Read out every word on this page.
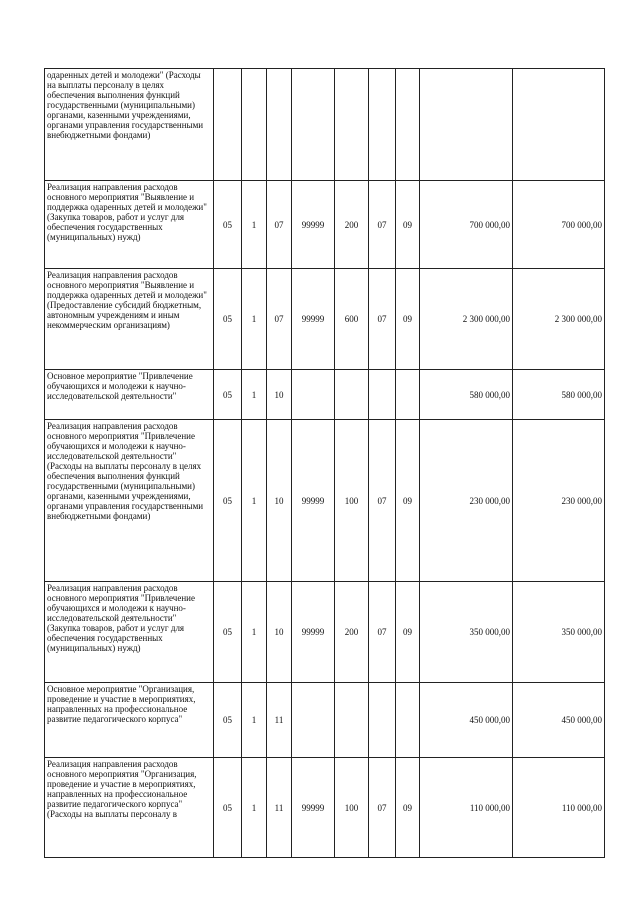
одаренных детей и молодежи" (Расходы на выплаты персоналу в целях обеспечения выполнения функций государственными (муниципальными) органами, казенными учреждениями, органами управления государственными внебюджетными фондами)									
Реализация направления расходов основного мероприятия "Выявление и поддержка одаренных детей и молодежи" (Закупка товаров, работ и услуг для обеспечения государственных (муниципальных) нужд)	05	1	07	99999	200	07	09	700 000,00	700 000,00
Реализация направления расходов основного мероприятия "Выявление и поддержка одаренных детей и молодежи" (Предоставление субсидий бюджетным, автономным учреждениям и иным некоммерческим организациям)	05	1	07	99999	600	07	09	2 300 000,00	2 300 000,00
Основное мероприятие "Привлечение обучающихся и молодежи к научно-исследовательской деятельности"	05	1	10					580 000,00	580 000,00
Реализация направления расходов основного мероприятия "Привлечение обучающихся и молодежи к научно-исследовательской деятельности" (Расходы на выплаты персоналу в целях обеспечения выполнения функций государственными (муниципальными) органами, казенными учреждениями, органами управления государственными внебюджетными фондами)	05	1	10	99999	100	07	09	230 000,00	230 000,00
Реализация направления расходов основного мероприятия "Привлечение обучающихся и молодежи к научно-исследовательской деятельности" (Закупка товаров, работ и услуг для обеспечения государственных (муниципальных) нужд)	05	1	10	99999	200	07	09	350 000,00	350 000,00
Основное мероприятие "Организация, проведение и участие в мероприятиях, направленных на профессиональное развитие педагогического корпуса"	05	1	11					450 000,00	450 000,00
Реализация направления расходов основного мероприятия "Организация, проведение и участие в мероприятиях, направленных на профессиональное развитие педагогического корпуса" (Расходы на выплаты персоналу в	05	1	11	99999	100	07	09	110 000,00	110 000,00
